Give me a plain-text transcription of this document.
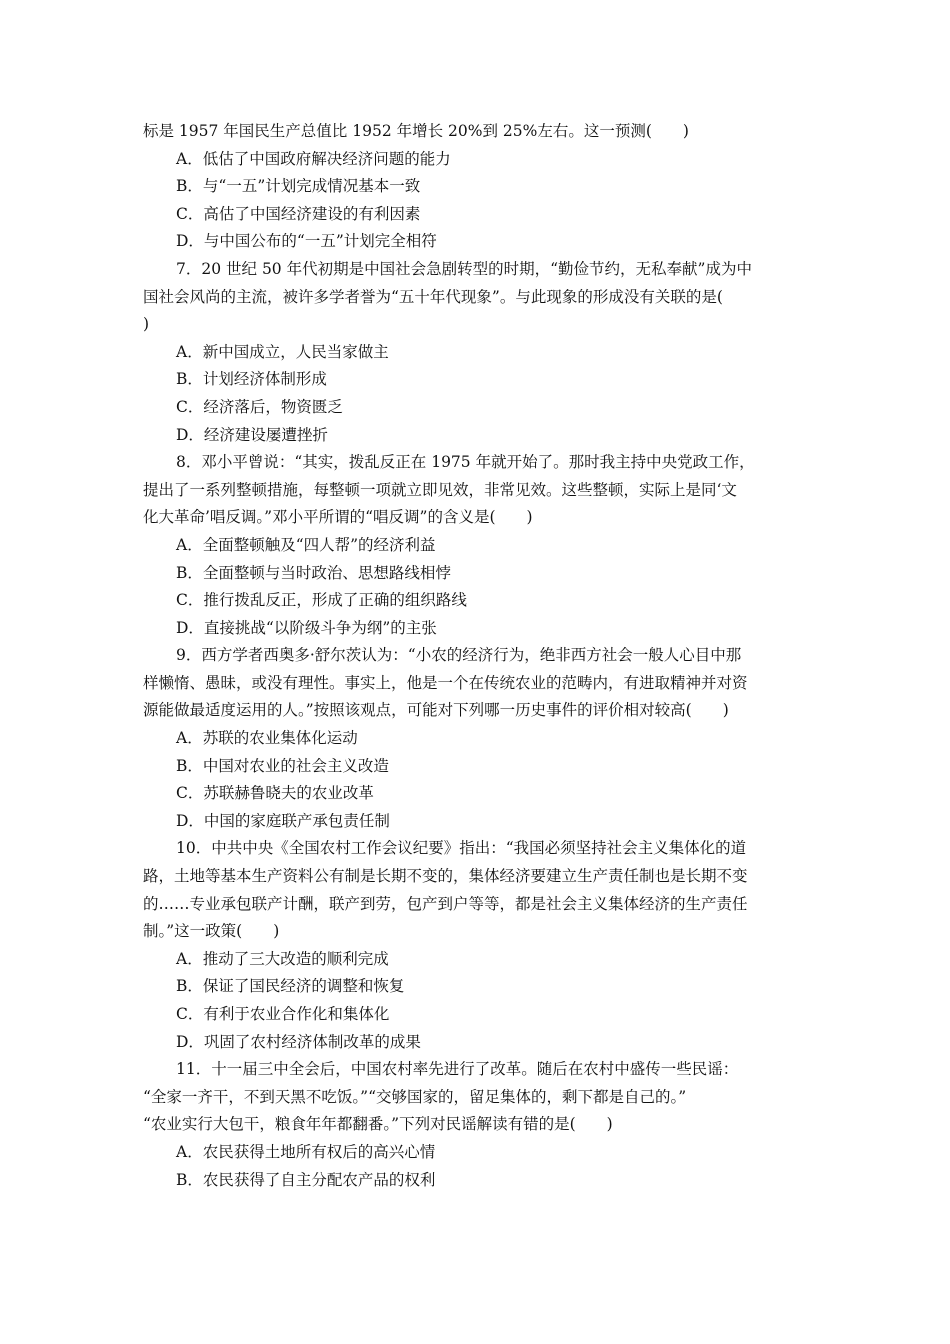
标是 1957 年国民生产总值比 1952 年增长 20%到 25%左右。这一预测(　　)
A．低估了中国政府解决经济问题的能力
B．与“一五”计划完成情况基本一致
C．高估了中国经济建设的有利因素
D．与中国公布的“一五”计划完全相符
7．20 世纪 50 年代初期是中国社会急剧转型的时期，“勤俭节约，无私奉献”成为中
国社会风尚的主流，被许多学者誉为“五十年代现象”。与此现象的形成没有关联的是(
)
A．新中国成立，人民当家做主
B．计划经济体制形成
C．经济落后，物资匮乏
D．经济建设屡遭挫折
8．邓小平曾说：“其实，拨乱反正在 1975 年就开始了。那时我主持中央党政工作，
提出了一系列整顿措施，每整顿一项就立即见效，非常见效。这些整顿，实际上是同‘文
化大革命’唱反调。”邓小平所谓的“唱反调”的含义是(　　)
A．全面整顿触及“四人帮”的经济利益
B．全面整顿与当时政治、思想路线相悖
C．推行拨乱反正，形成了正确的组织路线
D．直接挑战“以阶级斗争为纲”的主张
9．西方学者西奥多·舒尔茨认为：“小农的经济行为，绝非西方社会一般人心目中那
样懒惰、愚昧，或没有理性。事实上，他是一个在传统农业的范畴内，有进取精神并对资
源能做最适度运用的人。”按照该观点，可能对下列哪一历史事件的评价相对较高(　　)
A．苏联的农业集体化运动
B．中国对农业的社会主义改造
C．苏联赫鲁晓夫的农业改革
D．中国的家庭联产承包责任制
10．中共中央《全国农村工作会议纪要》指出：“我国必须坚持社会主义集体化的道
路，土地等基本生产资料公有制是长期不变的，集体经济要建立生产责任制也是长期不变
的……专业承包联产计酬，联产到劳，包产到户等等，都是社会主义集体经济的生产责任
制。”这一政策(　　)
A．推动了三大改造的顺利完成
B．保证了国民经济的调整和恢复
C．有利于农业合作化和集体化
D．巩固了农村经济体制改革的成果
11．十一届三中全会后，中国农村率先进行了改革。随后在农村中盛传一些民谣：
“全家一齐干，不到天黑不吃饭。”“交够国家的，留足集体的，剩下都是自己的。”
“农业实行大包干，粮食年年都翻番。”下列对民谣解读有错的是(　　)
A．农民获得土地所有权后的高兴心情
B．农民获得了自主分配农产品的权利
